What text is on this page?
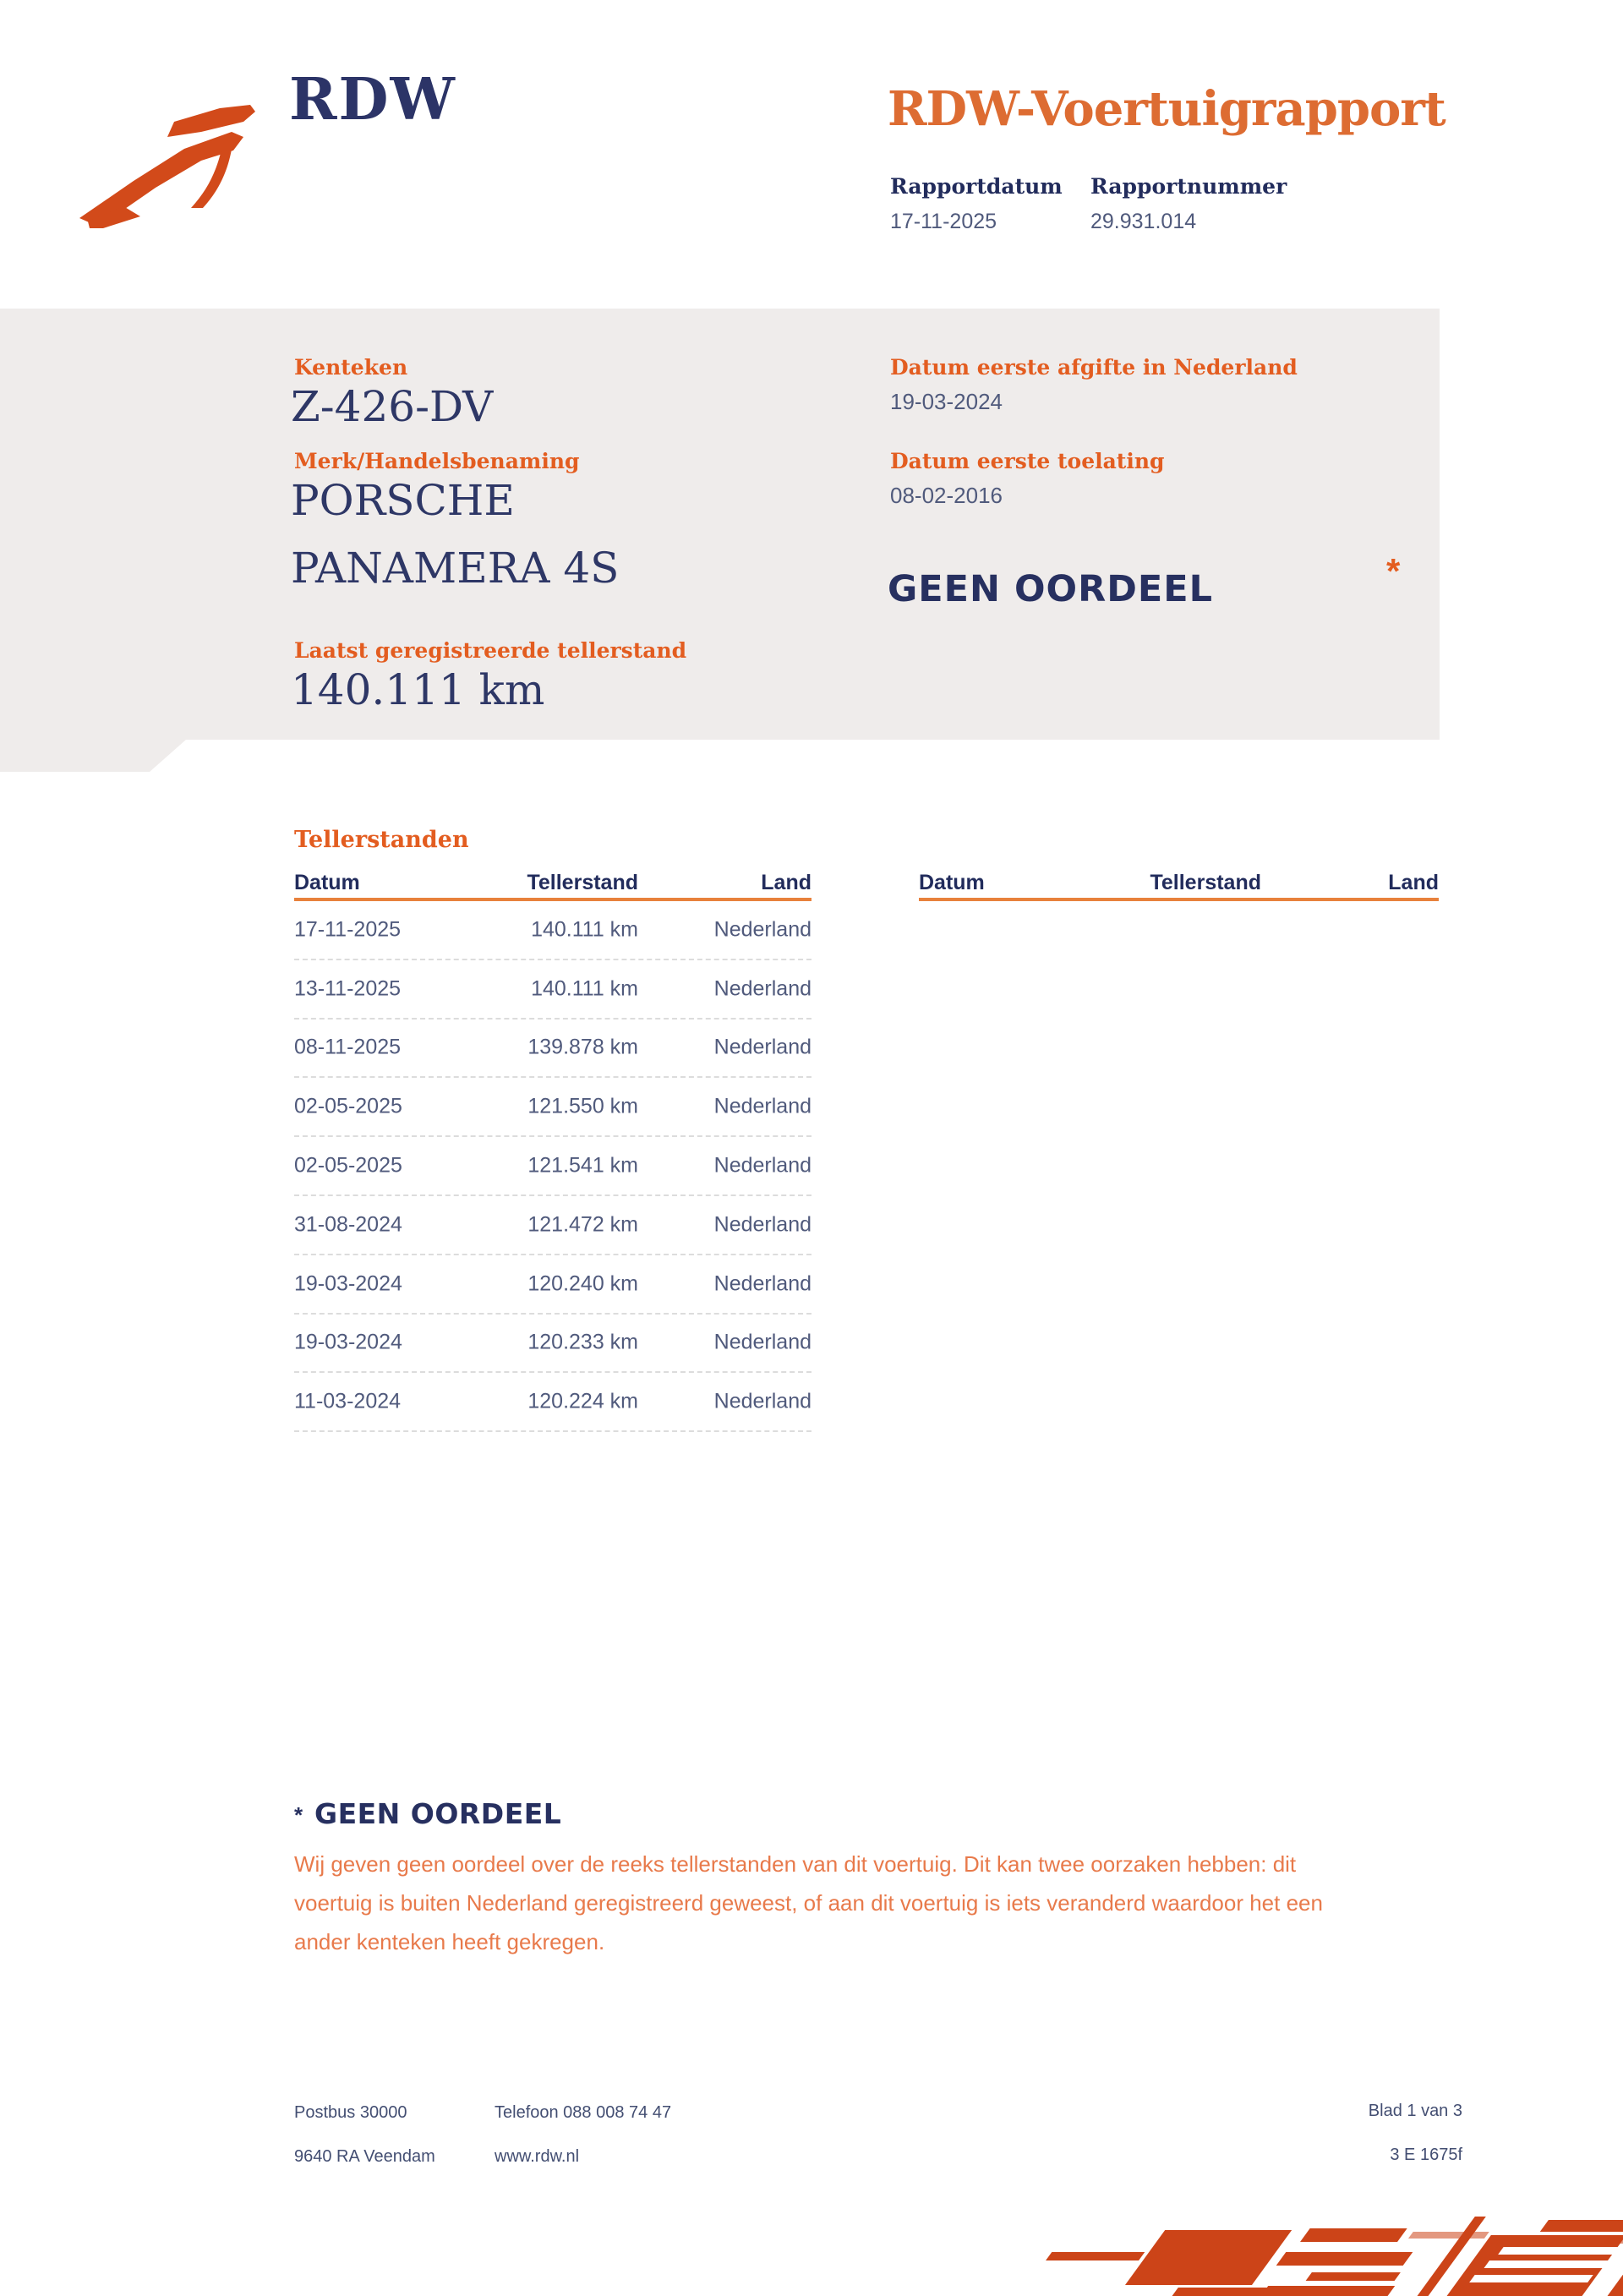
RDW	RDW-Voertuigrapport
Rapportdatum Rapportnummer
17-11-2025	29.931.014
Kenteken
Z-426-DV
Merk/Handelsbenaming
PORSCHE
PANAMERA 4S
Laatst geregistreerde tellerstand
140.111 km
Datum eerste afgifte in Nederland
19-03-2024
Datum eerste toelating
08-02-2016
GEEN OORDEEL	*
Tellerstanden
Datum	Tellerstand	Land
17-11-2025	140.111 km	Nederland
13-11-2025	140.111 km	Nederland
08-11-2025	139.878 km	Nederland
02-05-2025	121.550 km	Nederland
02-05-2025	121.541 km	Nederland
31-08-2024	121.472 km	Nederland
19-03-2024	120.240 km	Nederland
19-03-2024	120.233 km	Nederland
11-03-2024	120.224 km	Nederland
Datum	Tellerstand	Land
* GEEN OORDEEL
Wij geven geen oordeel over de reeks tellerstanden van dit voertuig. Dit kan twee oorzaken hebben: dit voertuig is buiten Nederland geregistreerd geweest, of aan dit voertuig is iets veranderd waardoor het een ander kenteken heeft gekregen.
Postbus 30000
9640 RA Veendam
Telefoon 088 008 74 47
www.rdw.nl
Blad 1 van 3
3 E 1675f
